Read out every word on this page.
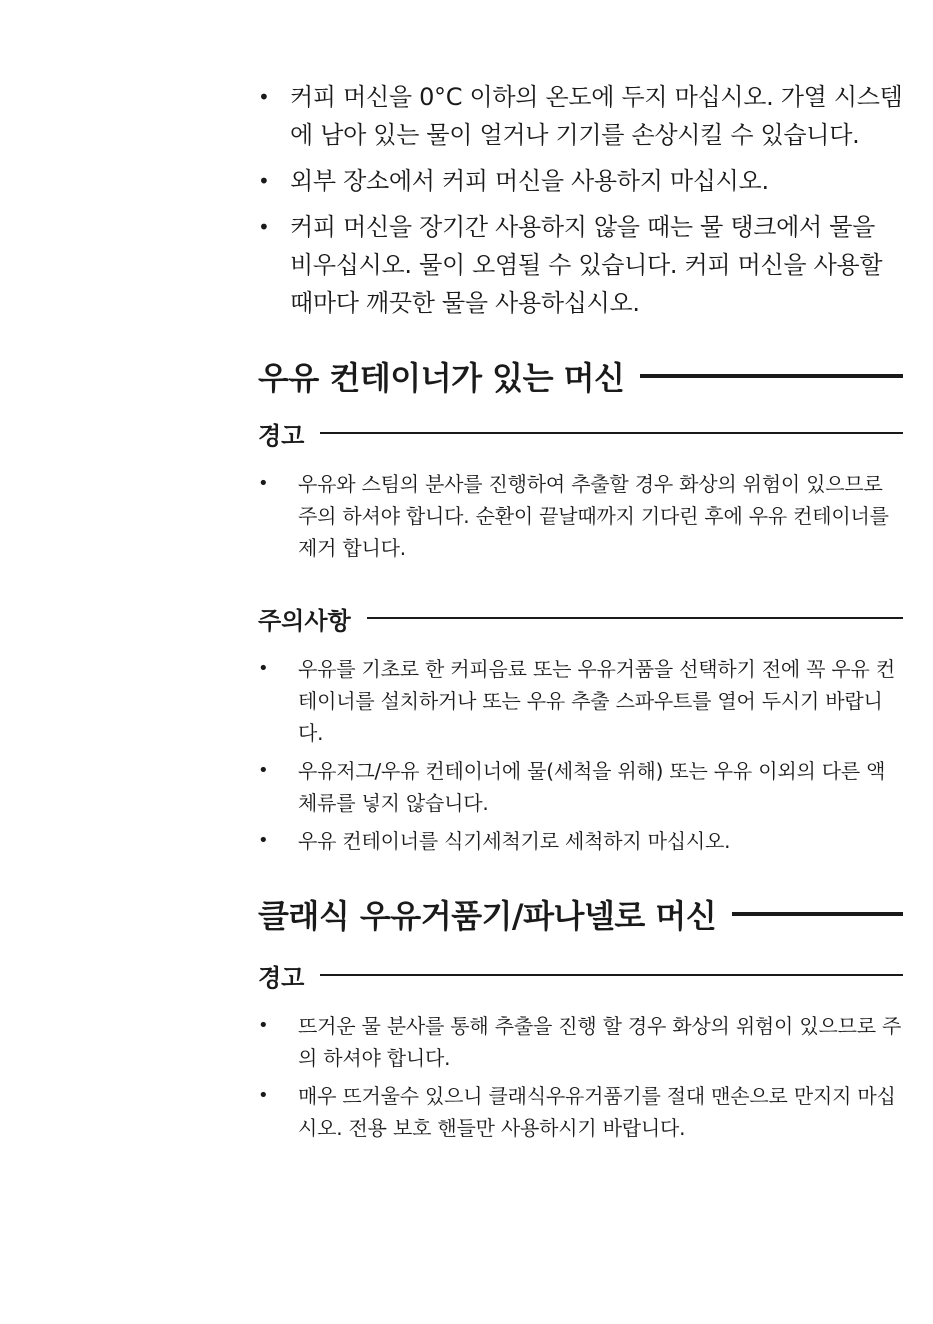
• 커피 머신을 0°C 이하의 온도에 두지 마십시오. 가열 시스템에 남아 있는 물이 얼거나 기기를 손상시킬 수 있습니다.
• 외부 장소에서 커피 머신을 사용하지 마십시오.
• 커피 머신을 장기간 사용하지 않을 때는 물 탱크에서 물을 비우십시오. 물이 오염될 수 있습니다. 커피 머신을 사용할 때마다 깨끗한 물을 사용하십시오.
우유 컨테이너가 있는 머신
경고
• 우유와 스팀의 분사를 진행하여 추출할 경우 화상의 위험이 있으므로 주의 하셔야 합니다. 순환이 끝날때까지 기다린 후에 우유 컨테이너를 제거 합니다.
주의사항
• 우유를 기초로 한 커피음료 또는 우유거품을 선택하기 전에 꼭 우유 컨테이너를 설치하거나 또는 우유 추출 스파우트를 열어 두시기 바랍니다.
• 우유저그/우유 컨테이너에 물(세척을 위해) 또는 우유 이외의 다른 액체류를 넣지 않습니다.
• 우유 컨테이너를 식기세척기로 세척하지 마십시오.
클래식 우유거품기/파나넬로 머신
경고
• 뜨거운 물 분사를 통해 추출을 진행 할 경우 화상의 위험이 있으므로 주의 하셔야 합니다.
• 매우 뜨거울수 있으니 클래식우유거품기를 절대 맨손으로 만지지 마십시오. 전용 보호 핸들만 사용하시기 바랍니다.
